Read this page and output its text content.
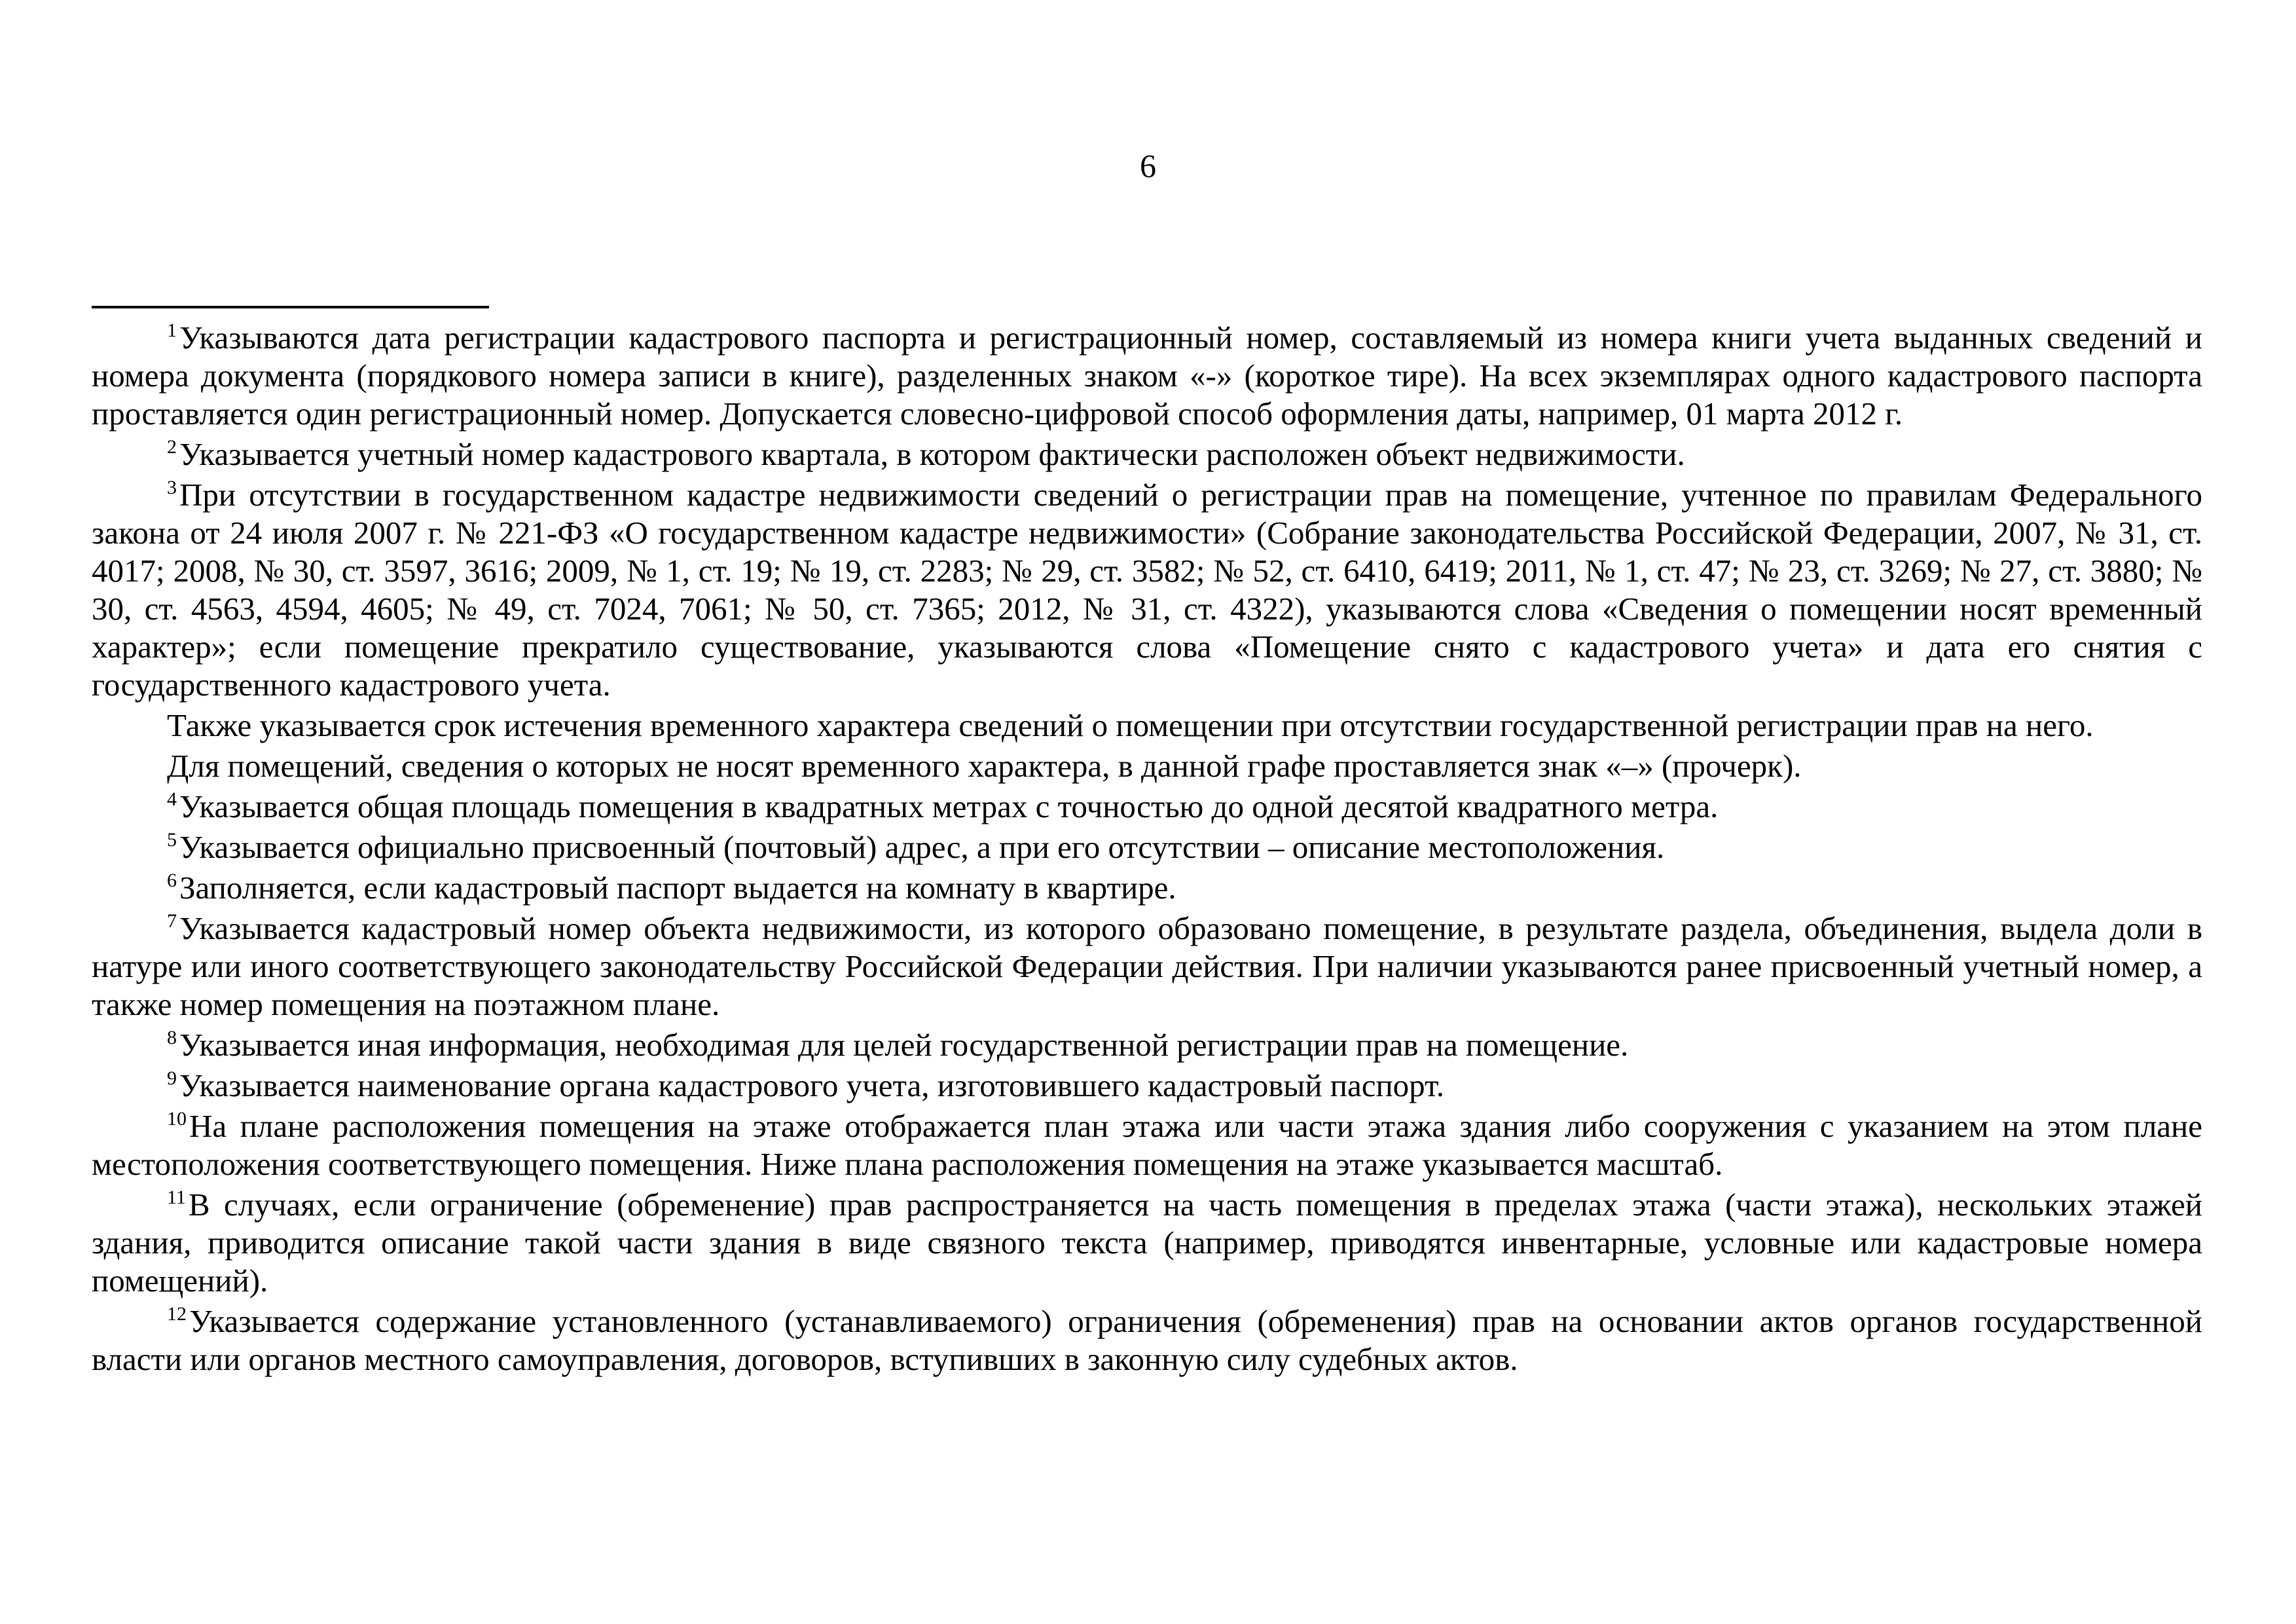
6

$^1$Указываются дата регистрации кадастрового паспорта и регистрационный номер, составляемый из номера книги учета выданных сведений и номера документа (порядкового номера записи в книге), разделенных знаком «-» (короткое тире). На всех экземплярах одного кадастрового паспорта проставляется один регистрационный номер. Допускается словесно-цифровой способ оформления даты, например, 01 марта 2012 г.

$^2$Указывается учетный номер кадастрового квартала, в котором фактически расположен объект недвижимости.

$^3$При отсутствии в государственном кадастре недвижимости сведений о регистрации прав на помещение, учтенное по правилам Федерального закона от 24 июля 2007 г. № 221-ФЗ «О государственном кадастре недвижимости» (Собрание законодательства Российской Федерации, 2007, № 31, ст. 4017; 2008, № 30, ст. 3597, 3616; 2009, № 1, ст. 19; № 19, ст. 2283; № 29, ст. 3582; № 52, ст. 6410, 6419; 2011, № 1, ст. 47; № 23, ст. 3269; № 27, ст. 3880; № 30, ст. 4563, 4594, 4605; № 49, ст. 7024, 7061; № 50, ст. 7365; 2012, № 31, ст. 4322), указываются слова «Сведения о помещении носят временный характер»; если помещение прекратило существование, указываются слова «Помещение снято с кадастрового учета» и дата его снятия с государственного кадастрового учета.

Также указывается срок истечения временного характера сведений о помещении при отсутствии государственной регистрации прав на него.

Для помещений, сведения о которых не носят временного характера, в данной графе проставляется знак «–» (прочерк).

$^4$Указывается общая площадь помещения в квадратных метрах с точностью до одной десятой квадратного метра.

$^5$Указывается официально присвоенный (почтовый) адрес, а при его отсутствии – описание местоположения.

$^6$Заполняется, если кадастровый паспорт выдается на комнату в квартире.

$^7$Указывается кадастровый номер объекта недвижимости, из которого образовано помещение, в результате раздела, объединения, выдела доли в натуре или иного соответствующего законодательству Российской Федерации действия. При наличии указываются ранее присвоенный учетный номер, а также номер помещения на поэтажном плане.

$^8$Указывается иная информация, необходимая для целей государственной регистрации прав на помещение.

$^9$Указывается наименование органа кадастрового учета, изготовившего кадастровый паспорт.

$^{10}$На плане расположения помещения на этаже отображается план этажа или части этажа здания либо сооружения с указанием на этом плане местоположения соответствующего помещения. Ниже плана расположения помещения на этаже указывается масштаб.

$^{11}$В случаях, если ограничение (обременение) прав распространяется на часть помещения в пределах этажа (части этажа), нескольких этажей здания, приводится описание такой части здания в виде связного текста (например, приводятся инвентарные, условные или кадастровые номера помещений).

$^{12}$Указывается содержание установленного (устанавливаемого) ограничения (обременения) прав на основании актов органов государственной власти или органов местного самоуправления, договоров, вступивших в законную силу судебных актов.
